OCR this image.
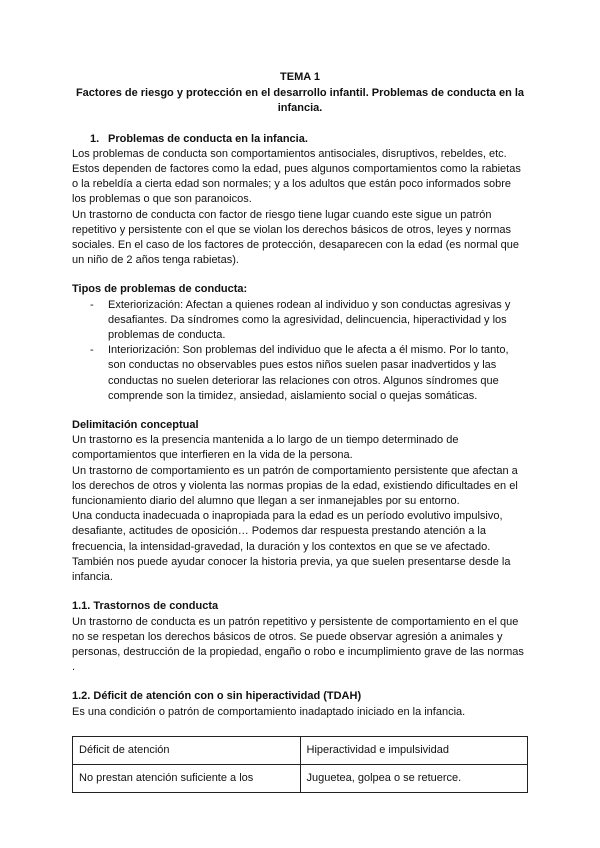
TEMA 1
Factores de riesgo y protección en el desarrollo infantil. Problemas de conducta en la infancia.
1. Problemas de conducta en la infancia.

Los problemas de conducta son comportamientos antisociales, disruptivos, rebeldes, etc. Estos dependen de factores como la edad, pues algunos comportamientos como la rabietas o la rebeldía a cierta edad son normales; y a los adultos que están poco informados sobre los problemas o que son paranoicos.

Un trastorno de conducta con factor de riesgo tiene lugar cuando este sigue un patrón repetitivo y persistente con el que se violan los derechos básicos de otros, leyes y normas sociales. En el caso de los factores de protección, desaparecen con la edad (es normal que un niño de 2 años tenga rabietas).

Tipos de problemas de conducta:
- Exteriorización: Afectan a quienes rodean al individuo y son conductas agresivas y desafiantes. Da síndromes como la agresividad, delincuencia, hiperactividad y los problemas de conducta.
- Interiorización: Son problemas del individuo que le afecta a él mismo. Por lo tanto, son conductas no observables pues estos niños suelen pasar inadvertidos y las conductas no suelen deteriorar las relaciones con otros. Algunos síndromes que comprende son la timidez, ansiedad, aislamiento social o quejas somáticas.
Delimitación conceptual

Un trastorno es la presencia mantenida a lo largo de un tiempo determinado de comportamientos que interfieren en la vida de la persona.

Un trastorno de comportamiento es un patrón de comportamiento persistente que afectan a los derechos de otros y violenta las normas propias de la edad, existiendo dificultades en el funcionamiento diario del alumno que llegan a ser inmanejables por su entorno.

Una conducta inadecuada o inapropiada para la edad es un período evolutivo impulsivo, desafiante, actitudes de oposición… Podemos dar respuesta prestando atención a la frecuencia, la intensidad-gravedad, la duración y los contextos en que se ve afectado. También nos puede ayudar conocer la historia previa, ya que suelen presentarse desde la infancia.

1.1. Trastornos de conducta

Un trastorno de conducta es un patrón repetitivo y persistente de comportamiento en el que no se respetan los derechos básicos de otros. Se puede observar agresión a animales y personas, destrucción de la propiedad, engaño o robo e incumplimiento grave de las normas .

1.2. Déficit de atención con o sin hiperactividad (TDAH)

Es una condición o patrón de comportamiento inadaptado iniciado en la infancia.

Déficit de atención	Hiperactividad e impulsividad
No prestan atención suficiente a los	Juguetea, golpea o se retuerce.
